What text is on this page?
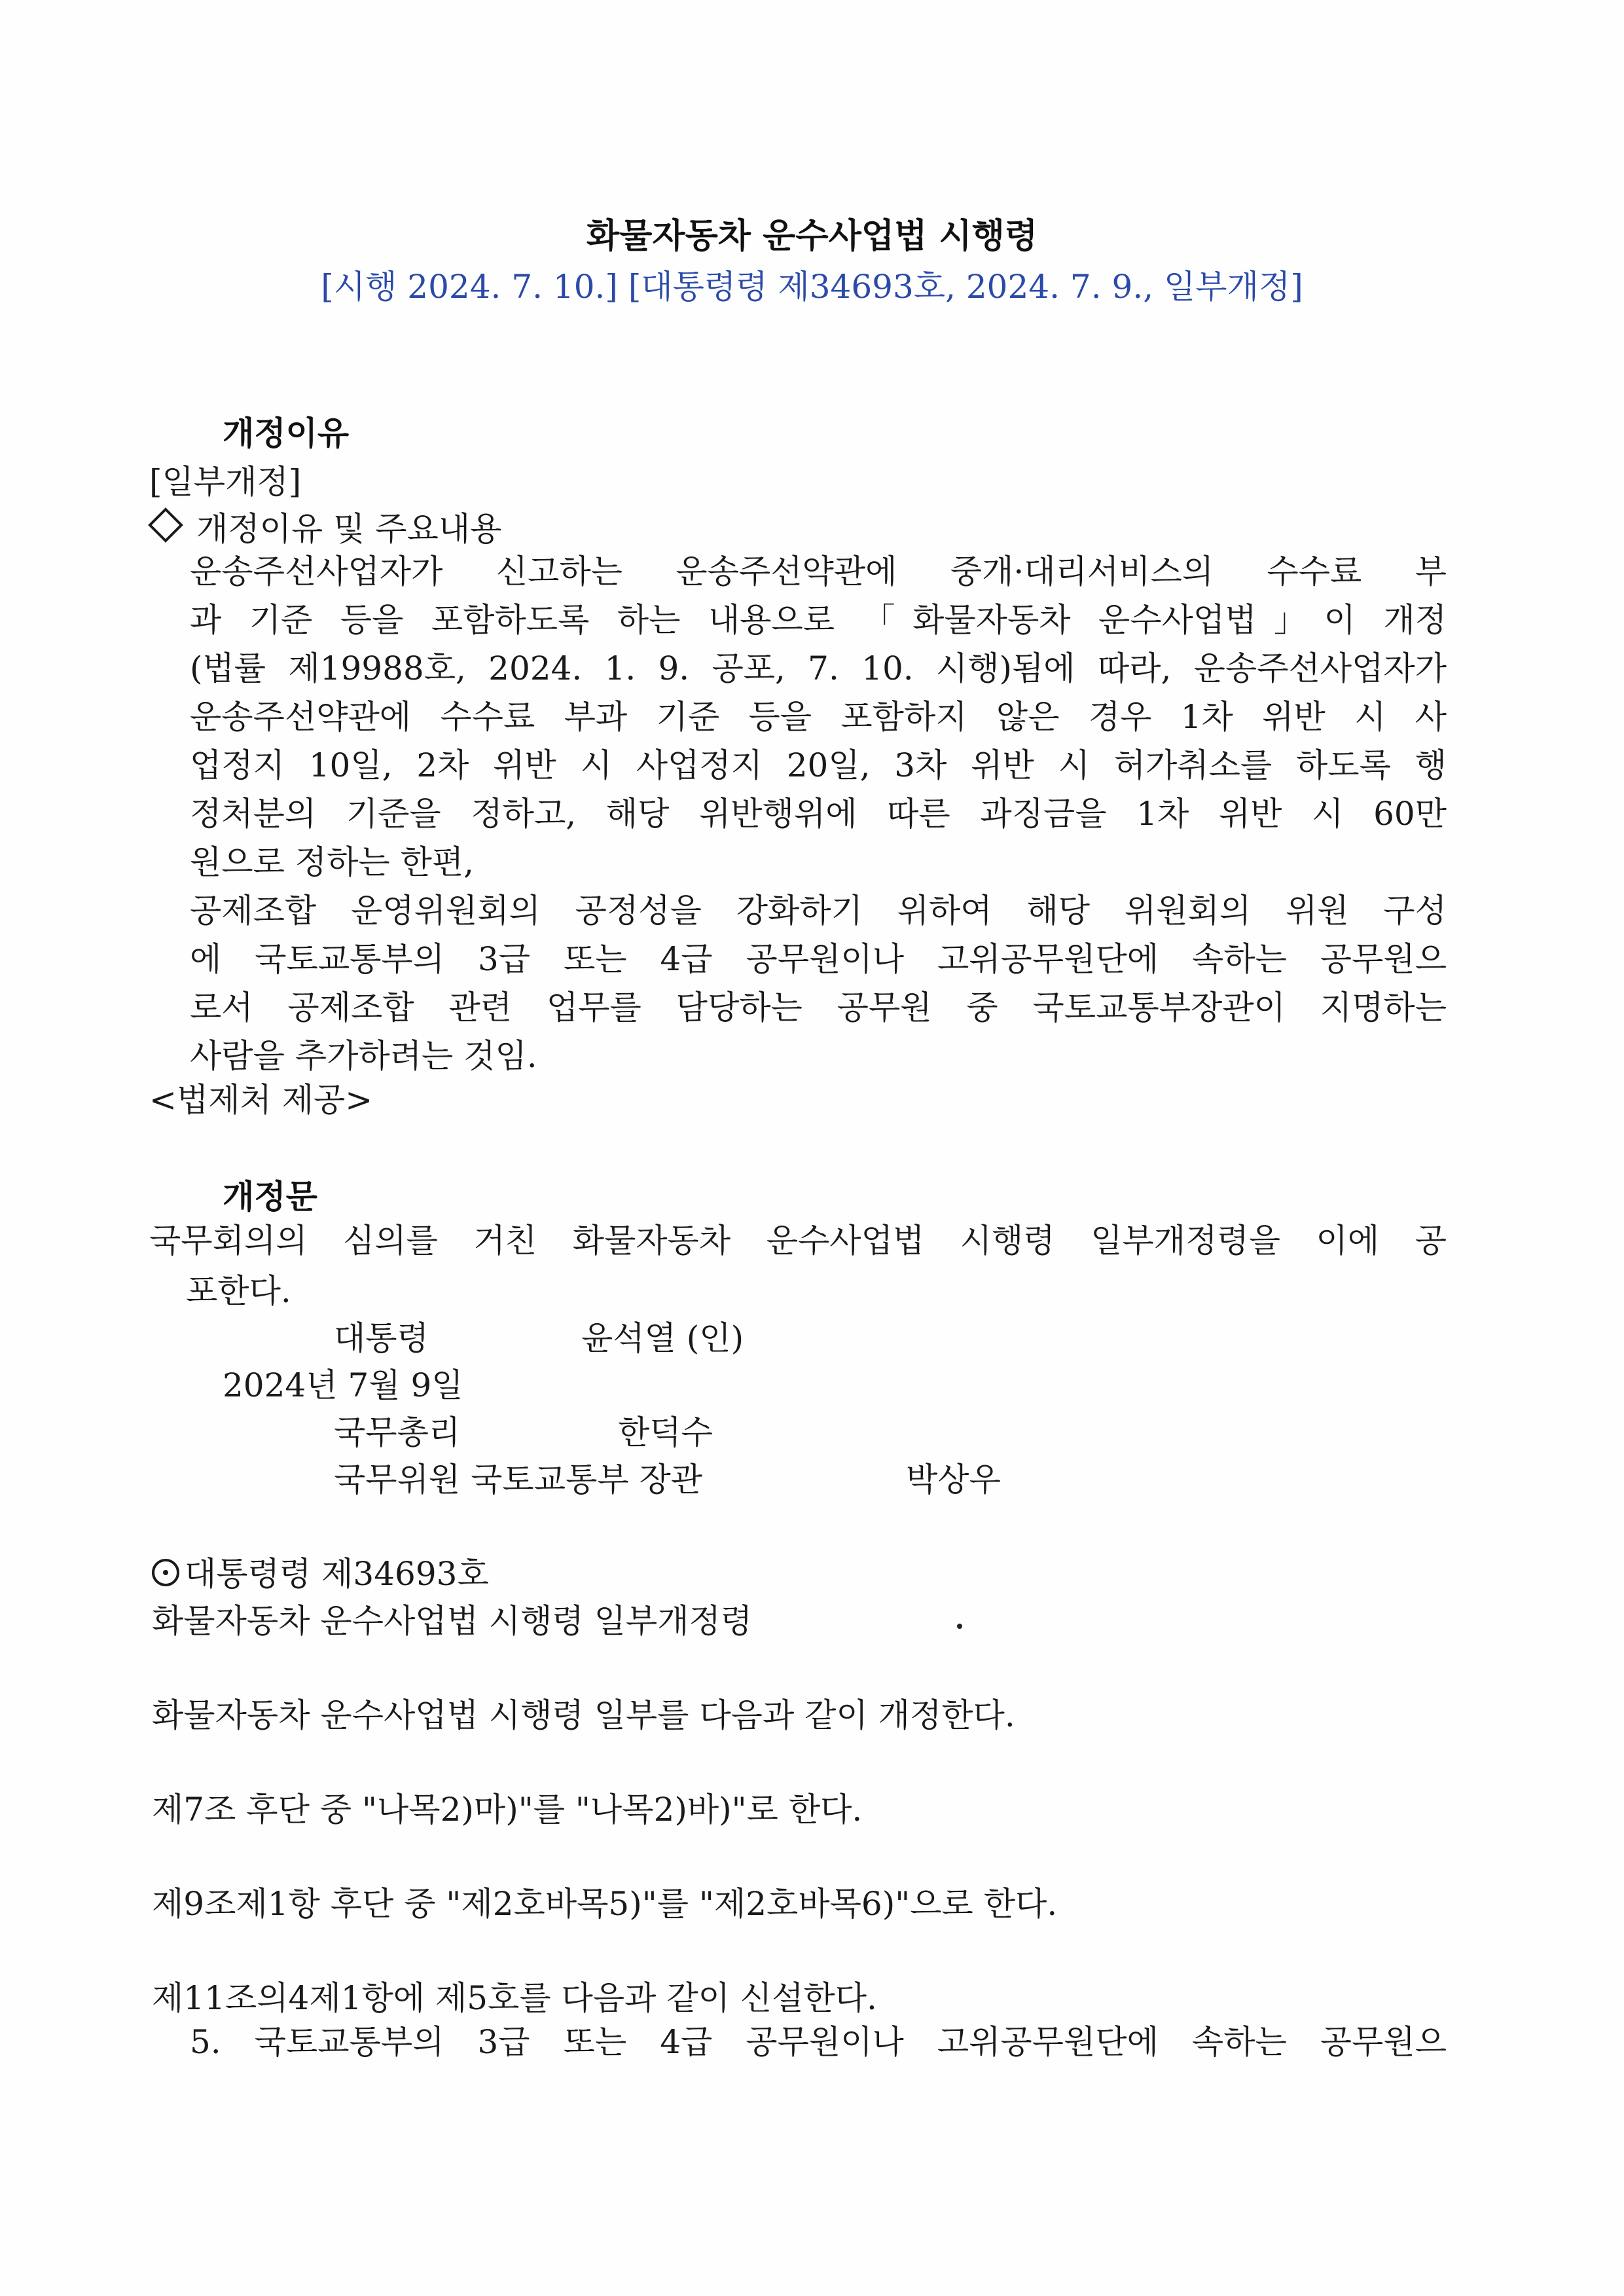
화물자동차 운수사업법 시행령
[시행 2024. 7. 10.] [대통령령 제34693호, 2024. 7. 9., 일부개정]
개정이유
[일부개정]
개정이유 및 주요내용
운송주선사업자가 신고하는 운송주선약관에 중개·대리서비스의 수수료 부
과 기준 등을 포함하도록 하는 내용으로 「화물자동차 운수사업법」이 개정
(법률 제19988호, 2024. 1. 9. 공포, 7. 10. 시행)됨에 따라, 운송주선사업자가
운송주선약관에 수수료 부과 기준 등을 포함하지 않은 경우 1차 위반 시 사
업정지 10일, 2차 위반 시 사업정지 20일, 3차 위반 시 허가취소를 하도록 행
정처분의 기준을 정하고, 해당 위반행위에 따른 과징금을 1차 위반 시 60만
원으로 정하는 한편,
공제조합 운영위원회의 공정성을 강화하기 위하여 해당 위원회의 위원 구성
에 국토교통부의 3급 또는 4급 공무원이나 고위공무원단에 속하는 공무원으
로서 공제조합 관련 업무를 담당하는 공무원 중 국토교통부장관이 지명하는
사람을 추가하려는 것임.
<법제처 제공>
개정문
국무회의의 심의를 거친 화물자동차 운수사업법 시행령 일부개정령을 이에 공
포한다.
대통령	윤석열 (인)
2024년 7월 9일
국무총리	한덕수
국무위원 국토교통부 장관	박상우
대통령령 제34693호
화물자동차 운수사업법 시행령 일부개정령
화물자동차 운수사업법 시행령 일부를 다음과 같이 개정한다.
제7조 후단 중 "나목2)마)"를 "나목2)바)"로 한다.
제9조제1항 후단 중 "제2호바목5)"를 "제2호바목6)"으로 한다.
제11조의4제1항에 제5호를 다음과 같이 신설한다.
5. 국토교통부의 3급 또는 4급 공무원이나 고위공무원단에 속하는 공무원으
